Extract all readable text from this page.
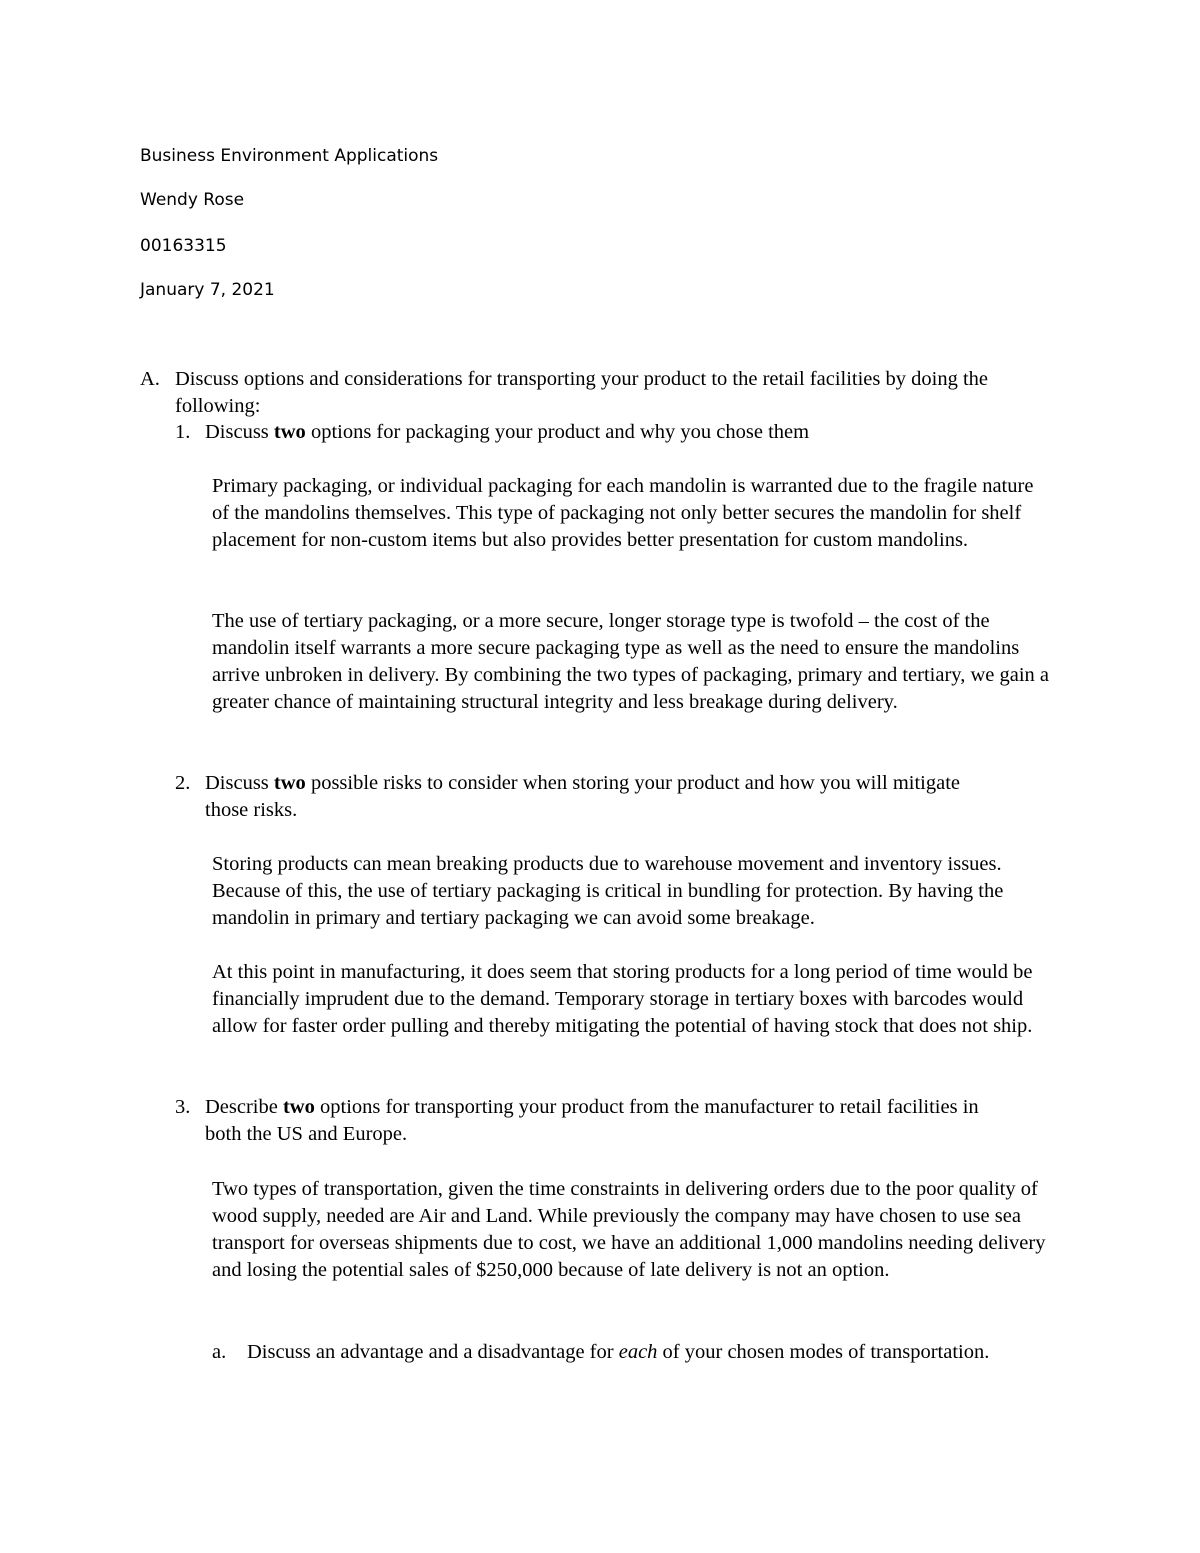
Business Environment Applications
Wendy Rose
00163315
January 7, 2021
A. Discuss options and considerations for transporting your product to the retail facilities by doing the following:
1. Discuss two options for packaging your product and why you chose them
Primary packaging, or individual packaging for each mandolin is warranted due to the fragile nature of the mandolins themselves. This type of packaging not only better secures the mandolin for shelf placement for non-custom items but also provides better presentation for custom mandolins.
The use of tertiary packaging, or a more secure, longer storage type is twofold – the cost of the mandolin itself warrants a more secure packaging type as well as the need to ensure the mandolins arrive unbroken in delivery. By combining the two types of packaging, primary and tertiary, we gain a greater chance of maintaining structural integrity and less breakage during delivery.
2. Discuss two possible risks to consider when storing your product and how you will mitigate those risks.
Storing products can mean breaking products due to warehouse movement and inventory issues. Because of this, the use of tertiary packaging is critical in bundling for protection. By having the mandolin in primary and tertiary packaging we can avoid some breakage.
At this point in manufacturing, it does seem that storing products for a long period of time would be financially imprudent due to the demand. Temporary storage in tertiary boxes with barcodes would allow for faster order pulling and thereby mitigating the potential of having stock that does not ship.
3. Describe two options for transporting your product from the manufacturer to retail facilities in both the US and Europe.
Two types of transportation, given the time constraints in delivering orders due to the poor quality of wood supply, needed are Air and Land. While previously the company may have chosen to use sea transport for overseas shipments due to cost, we have an additional 1,000 mandolins needing delivery and losing the potential sales of $250,000 because of late delivery is not an option.
a. Discuss an advantage and a disadvantage for each of your chosen modes of transportation.
